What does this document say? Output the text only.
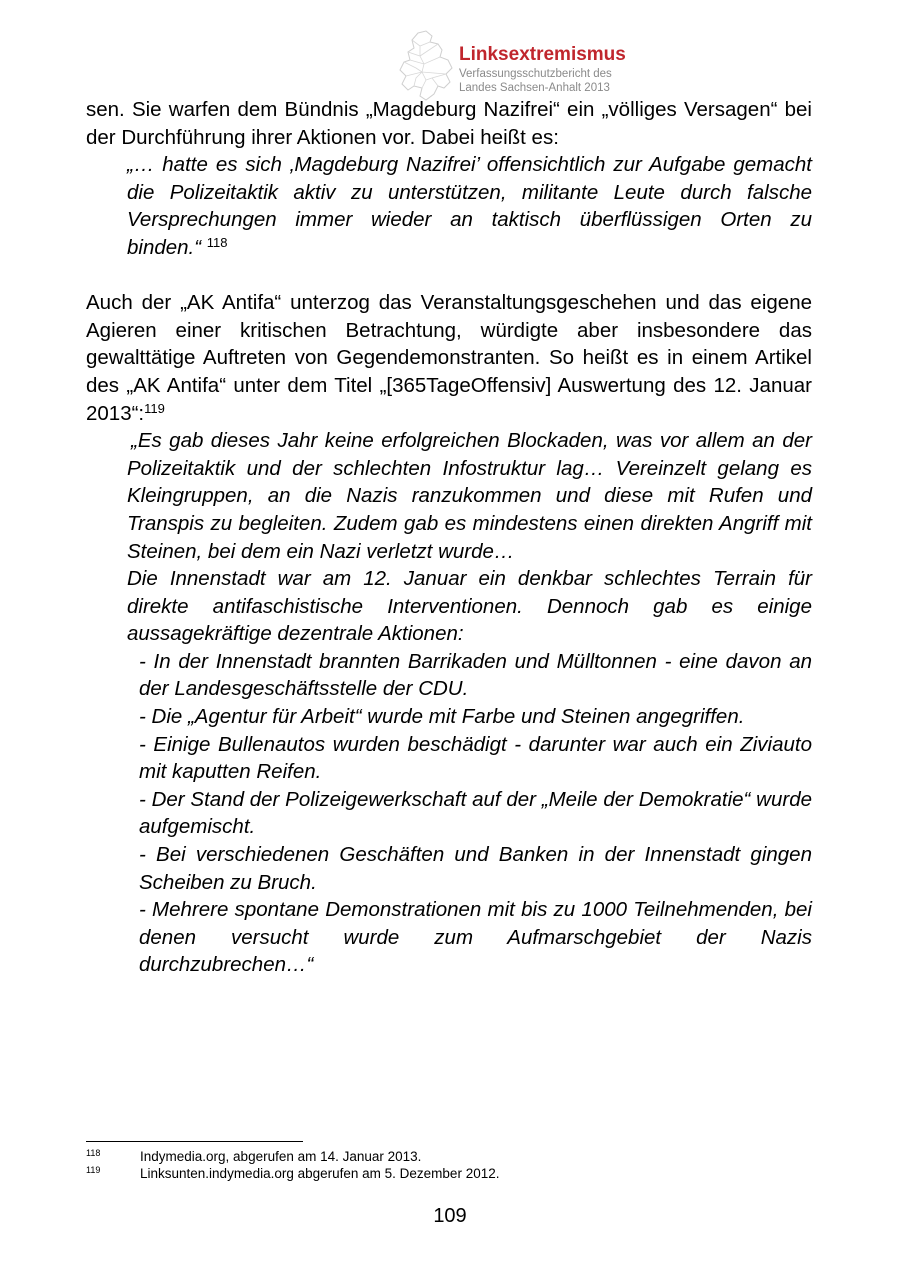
Linksextremismus
Verfassungsschutzbericht des
Landes Sachsen-Anhalt 2013

sen. Sie warfen dem Bündnis „Magdeburg Nazifrei“ ein „völliges Versagen“ bei der Durchführung ihrer Aktionen vor. Dabei heißt es:

„… hatte es sich ‚Magdeburg Nazifrei’ offensichtlich zur Aufgabe gemacht die Polizeitaktik aktiv zu unterstützen, militante Leute durch falsche Versprechungen immer wieder an taktisch überflüssigen Orten zu binden.“ $^{118}$

Auch der „AK Antifa“ unterzog das Veranstaltungsgeschehen und das eigene Agieren einer kritischen Betrachtung, würdigte aber insbesondere das gewalttätige Auftreten von Gegendemonstranten. So heißt es in einem Artikel des „AK Antifa“ unter dem Titel „[365TageOffensiv] Auswertung des 12. Januar 2013“:$^{119}$

„Es gab dieses Jahr keine erfolgreichen Blockaden, was vor allem an der Polizeitaktik und der schlechten Infostruktur lag… Vereinzelt gelang es Kleingruppen, an die Nazis ranzukommen und diese mit Rufen und Transpis zu begleiten. Zudem gab es mindestens einen direkten Angriff mit Steinen, bei dem ein Nazi verletzt wurde…

Die Innenstadt war am 12. Januar ein denkbar schlechtes Terrain für direkte antifaschistische Interventionen. Dennoch gab es einige aussagekräftige dezentrale Aktionen:

- In der Innenstadt brannten Barrikaden und Mülltonnen - eine davon an der Landesgeschäftsstelle der CDU.

- Die „Agentur für Arbeit“ wurde mit Farbe und Steinen angegriffen.

- Einige Bullenautos wurden beschädigt - darunter war auch ein Ziviauto mit kaputten Reifen.

- Der Stand der Polizeigewerkschaft auf der „Meile der Demokratie“ wurde aufgemischt.

- Bei verschiedenen Geschäften und Banken in der Innenstadt gingen Scheiben zu Bruch.

- Mehrere spontane Demonstrationen mit bis zu 1000 Teilnehmenden, bei denen versucht wurde zum Aufmarschgebiet der Nazis durchzubrechen…“

118	Indymedia.org, abgerufen am 14. Januar 2013.
119	Linksunten.indymedia.org abgerufen am 5. Dezember 2012.
109
